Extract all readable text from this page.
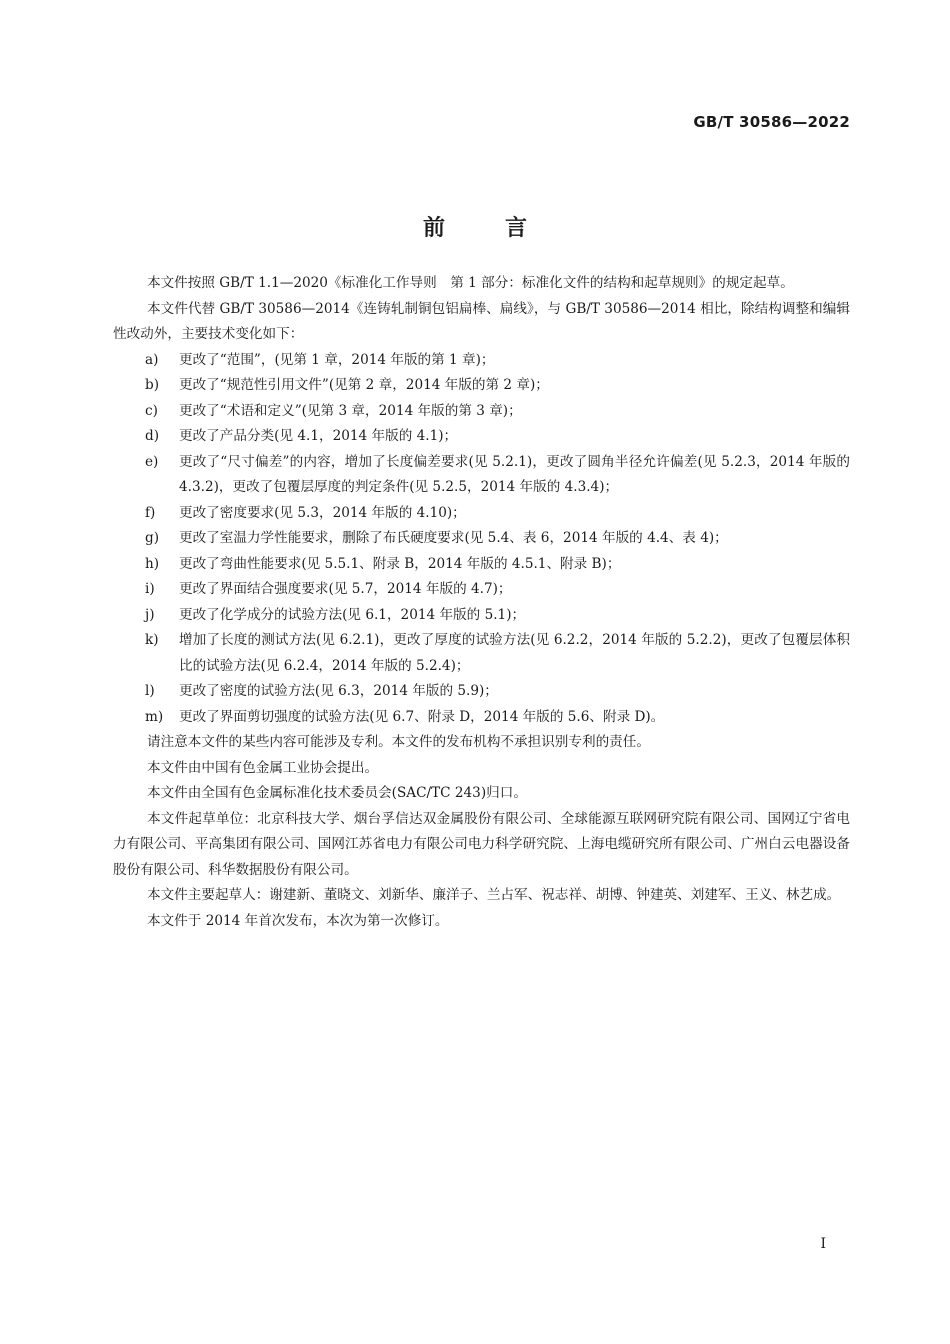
GB/T 30586—2022
前言

本文件按照 GB/T 1.1—2020《标准化工作导则　第 1 部分：标准化文件的结构和起草规则》的规定起草。

本文件代替 GB/T 30586—2014《连铸轧制铜包铝扁棒、扁线》，与 GB/T 30586—2014 相比，除结构调整和编辑性改动外，主要技术变化如下：

a)	更改了“范围”，(见第 1 章，2014 年版的第 1 章)；
b)	更改了“规范性引用文件”(见第 2 章，2014 年版的第 2 章)；
c)	更改了“术语和定义”(见第 3 章，2014 年版的第 3 章)；
d)	更改了产品分类(见 4.1，2014 年版的 4.1)；
e)	更改了“尺寸偏差”的内容，增加了长度偏差要求(见 5.2.1)，更改了圆角半径允许偏差(见 5.2.3，2014 年版的 4.3.2)，更改了包覆层厚度的判定条件(见 5.2.5，2014 年版的 4.3.4)；
f)	更改了密度要求(见 5.3，2014 年版的 4.10)；
g)	更改了室温力学性能要求，删除了布氏硬度要求(见 5.4、表 6，2014 年版的 4.4、表 4)；
h)	更改了弯曲性能要求(见 5.5.1、附录 B，2014 年版的 4.5.1、附录 B)；
i)	更改了界面结合强度要求(见 5.7，2014 年版的 4.7)；
j)	更改了化学成分的试验方法(见 6.1，2014 年版的 5.1)；
k)	增加了长度的测试方法(见 6.2.1)，更改了厚度的试验方法(见 6.2.2，2014 年版的 5.2.2)，更改了包覆层体积比的试验方法(见 6.2.4，2014 年版的 5.2.4)；
l)	更改了密度的试验方法(见 6.3，2014 年版的 5.9)；
m)	更改了界面剪切强度的试验方法(见 6.7、附录 D，2014 年版的 5.6、附录 D)。

请注意本文件的某些内容可能涉及专利。本文件的发布机构不承担识别专利的责任。

本文件由中国有色金属工业协会提出。

本文件由全国有色金属标准化技术委员会(SAC/TC 243)归口。

本文件起草单位：北京科技大学、烟台孚信达双金属股份有限公司、全球能源互联网研究院有限公司、国网辽宁省电力有限公司、平高集团有限公司、国网江苏省电力有限公司电力科学研究院、上海电缆研究所有限公司、广州白云电器设备股份有限公司、科华数据股份有限公司。

本文件主要起草人：谢建新、董晓文、刘新华、廉洋子、兰占军、祝志祥、胡博、钟建英、刘建军、王义、林艺成。

本文件于 2014 年首次发布，本次为第一次修订。

I
